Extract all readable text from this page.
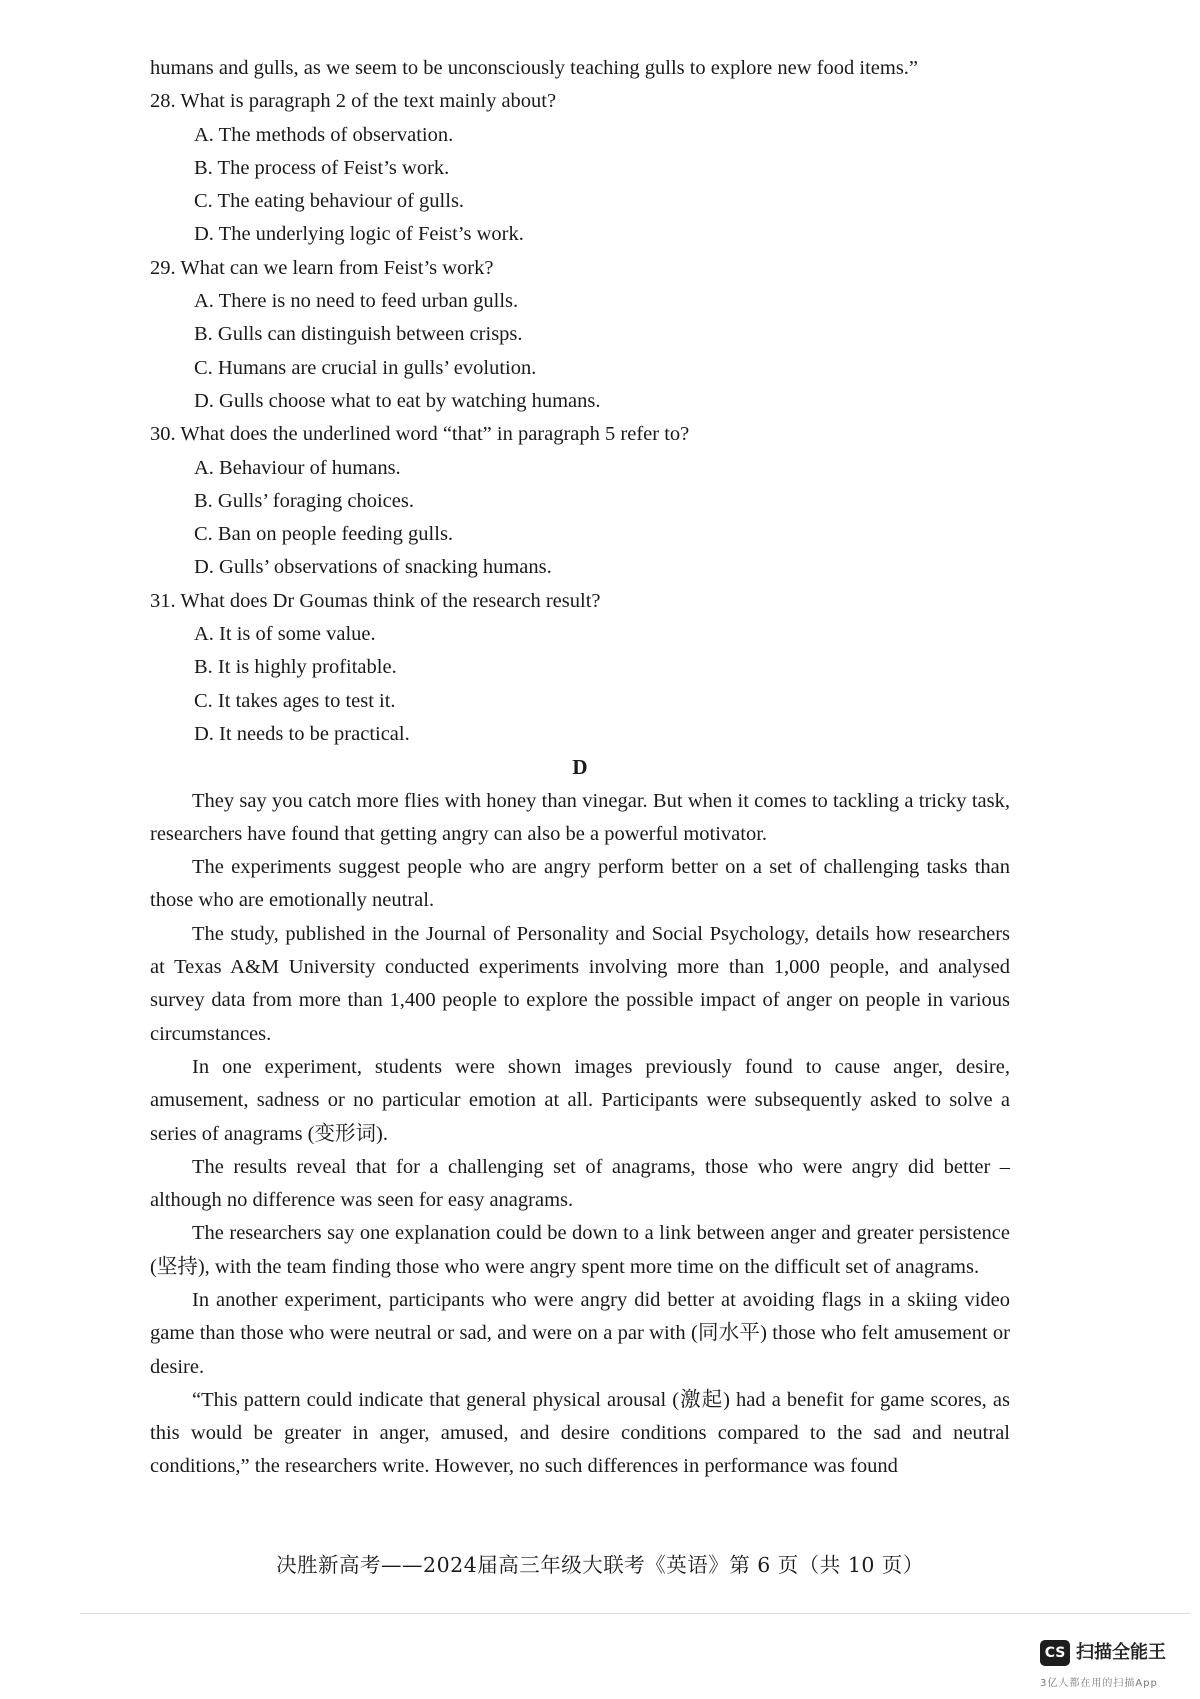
humans and gulls, as we seem to be unconsciously teaching gulls to explore new food items.”
28. What is paragraph 2 of the text mainly about?
A. The methods of observation.
B. The process of Feist’s work.
C. The eating behaviour of gulls.
D. The underlying logic of Feist’s work.
29. What can we learn from Feist’s work?
A. There is no need to feed urban gulls.
B. Gulls can distinguish between crisps.
C. Humans are crucial in gulls’ evolution.
D. Gulls choose what to eat by watching humans.
30. What does the underlined word “that” in paragraph 5 refer to?
A. Behaviour of humans.
B. Gulls’ foraging choices.
C. Ban on people feeding gulls.
D. Gulls’ observations of snacking humans.
31. What does Dr Goumas think of the research result?
A. It is of some value.
B. It is highly profitable.
C. It takes ages to test it.
D. It needs to be practical.
D

They say you catch more flies with honey than vinegar. But when it comes to tackling a tricky task, researchers have found that getting angry can also be a powerful motivator.

The experiments suggest people who are angry perform better on a set of challenging tasks than those who are emotionally neutral.

The study, published in the Journal of Personality and Social Psychology, details how researchers at Texas A&M University conducted experiments involving more than 1,000 people, and analysed survey data from more than 1,400 people to explore the possible impact of anger on people in various circumstances.

In one experiment, students were shown images previously found to cause anger, desire, amusement, sadness or no particular emotion at all. Participants were subsequently asked to solve a series of anagrams (变形词).

The results reveal that for a challenging set of anagrams, those who were angry did better – although no difference was seen for easy anagrams.

The researchers say one explanation could be down to a link between anger and greater persistence (坚持), with the team finding those who were angry spent more time on the difficult set of anagrams.

In another experiment, participants who were angry did better at avoiding flags in a skiing video game than those who were neutral or sad, and were on a par with (同水平) those who felt amusement or desire.

“This pattern could indicate that general physical arousal (激起) had a benefit for game scores, as this would be greater in anger, amused, and desire conditions compared to the sad and neutral conditions,” the researchers write. However, no such differences in performance was found

决胜新高考——2024届高三年级大联考《英语》第 6 页（共 10 页）
CS 扫描全能王
3亿人都在用的扫描App
